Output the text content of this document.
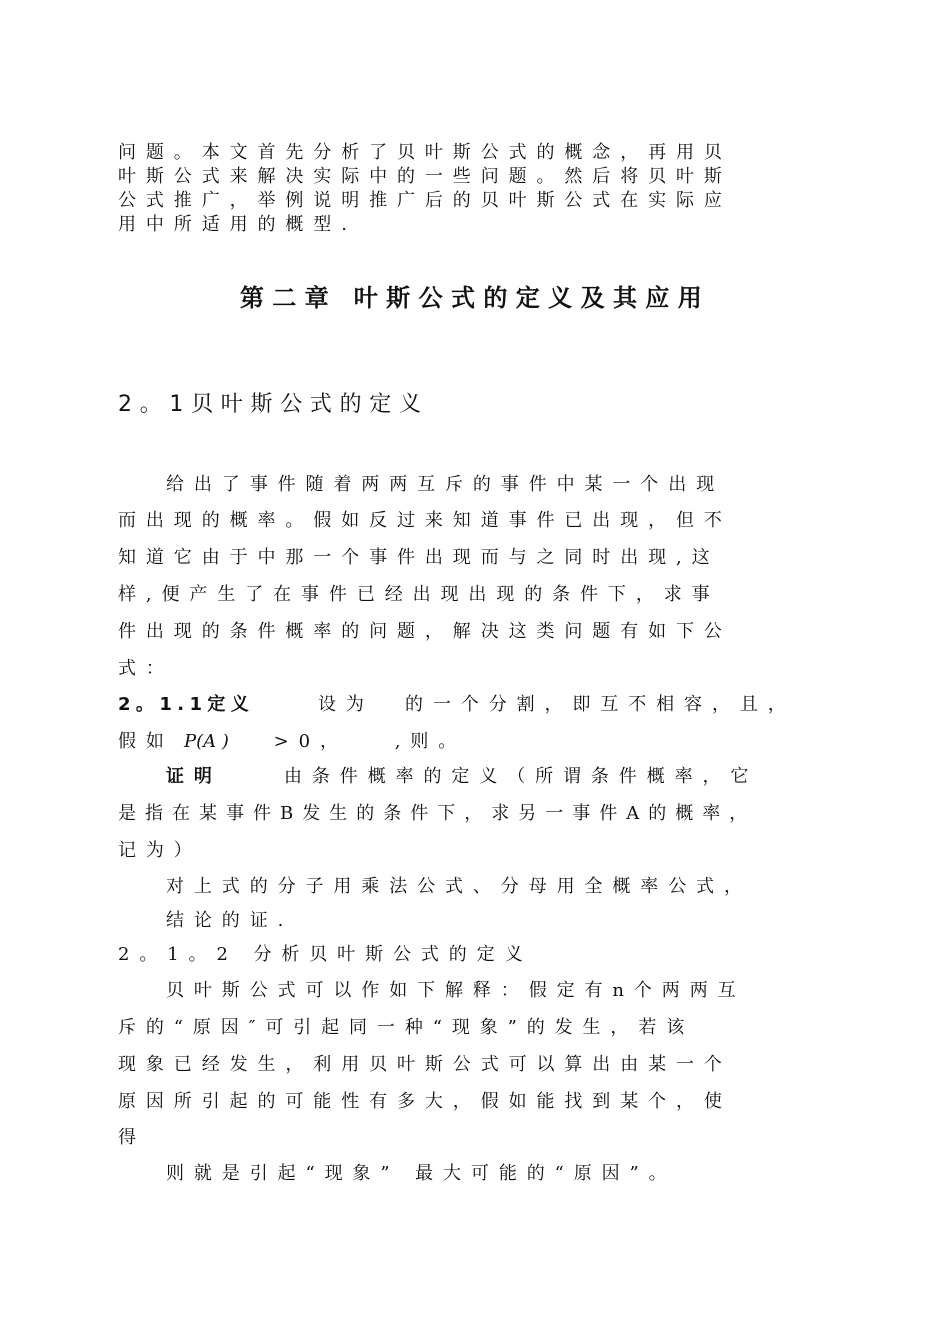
问题。本文首先分析了贝叶斯公式的概念，再用贝
叶斯公式来解决实际中的一些问题。然后将贝叶斯
公式推广，举例说明推广后的贝叶斯公式在实际应
用中所适用的概型.
第二章 叶斯公式的定义及其应用
2。1贝叶斯公式的定义
给出了事件随着两两互斥的事件中某一个出现
而出现的概率。假如反过来知道事件已出现，但不
知道它由于中那一个事件出现而与之同时出现,这
样,便产生了在事件已经出现出现的条件下，求事
件出现的条件概率的问题，解决这类问题有如下公
式：
2。1.1定义	设为  的一个分割，即互不相容，且，
假如 P(A ) >0，   ,则。
证明	由条件概率的定义（所谓条件概率，它
是指在某事件B发生的条件下，求另一事件A的概率，
记为）
对上式的分子用乘法公式、分母用全概率公式，
结论的证.
2。1。2 分析贝叶斯公式的定义
贝叶斯公式可以作如下解释：假定有n个两两互
斥的“原因″可引起同一种“现象”的发生，若该
现象已经发生，利用贝叶斯公式可以算出由某一个
原因所引起的可能性有多大，假如能找到某个，使
得
则就是引起“现象” 最大可能的“原因”。
